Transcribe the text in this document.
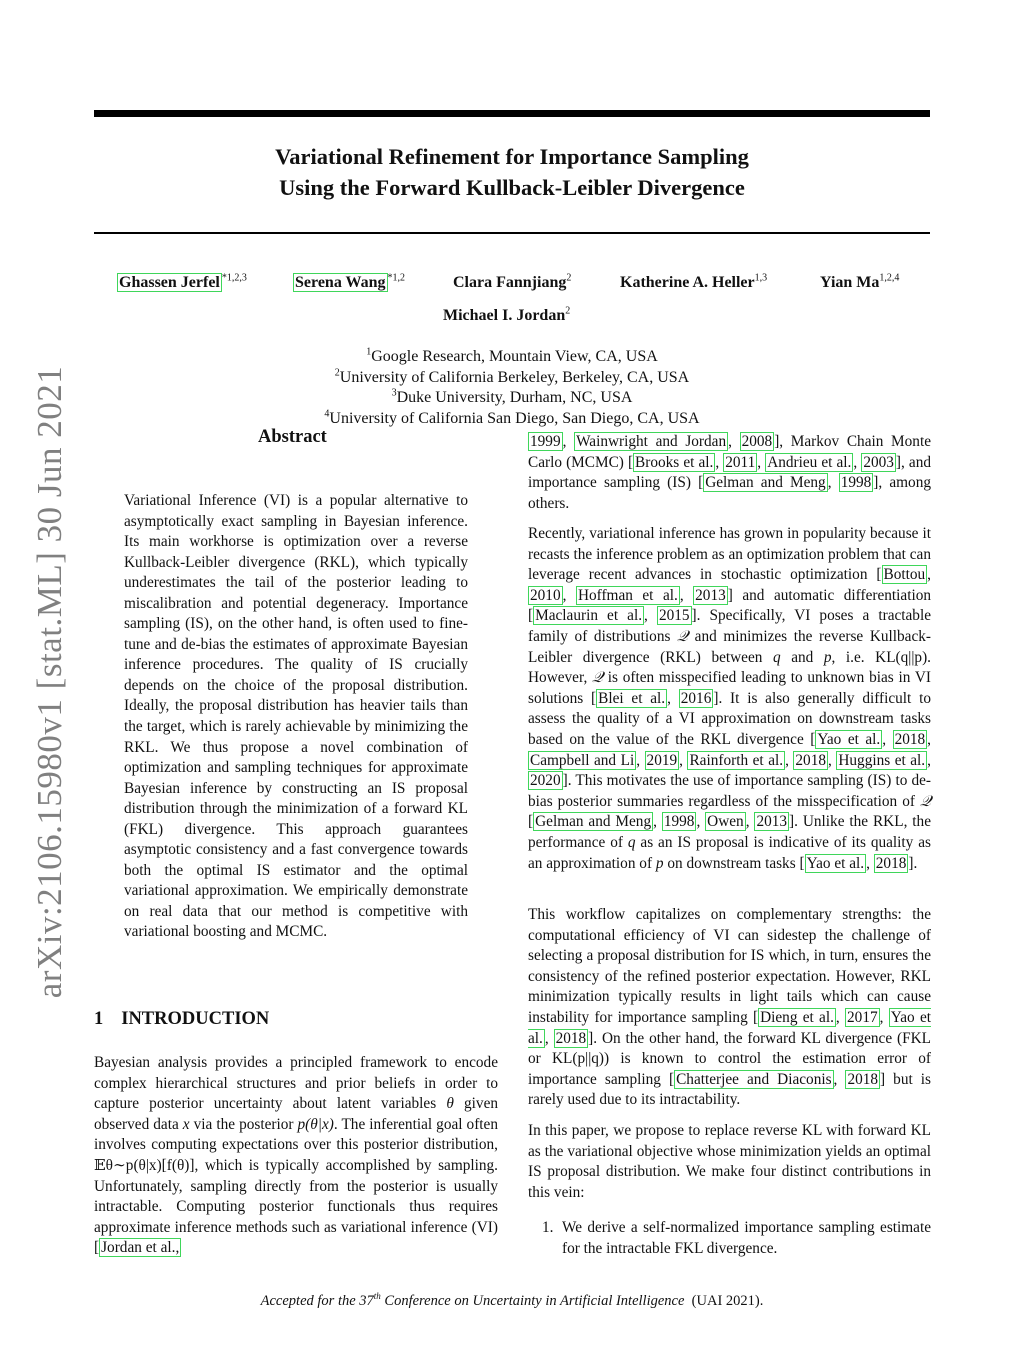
arXiv:2106.15980v1 [stat.ML] 30 Jun 2021
Variational Refinement for Importance Sampling
Using the Forward Kullback-Leibler Divergence
Ghassen Jerfel $^{*1,2,3}$	Serena Wang $^{*1,2}$	Clara Fannjiang$^2$	Katherine A. Heller$^{1,3}$	Yian Ma$^{1,2,4}$
Michael I. Jordan$^2$
$^1$Google Research, Mountain View, CA, USA
$^2$University of California Berkeley, Berkeley, CA, USA
$^3$Duke University, Durham, NC, USA
$^4$University of California San Diego, San Diego, CA, USA
Abstract
Variational Inference (VI) is a popular alternative to asymptotically exact sampling in Bayesian inference. Its main workhorse is optimization over a reverse Kullback-Leibler divergence (RKL), which typically underestimates the tail of the posterior leading to miscalibration and potential degeneracy. Importance sampling (IS), on the other hand, is often used to fine-tune and de-bias the estimates of approximate Bayesian inference procedures. The quality of IS crucially depends on the choice of the proposal distribution. Ideally, the proposal distribution has heavier tails than the target, which is rarely achievable by minimizing the RKL. We thus propose a novel combination of optimization and sampling techniques for approximate Bayesian inference by constructing an IS proposal distribution through the minimization of a forward KL (FKL) divergence. This approach guarantees asymptotic consistency and a fast convergence towards both the optimal IS estimator and the optimal variational approximation. We empirically demonstrate on real data that our method is competitive with variational boosting and MCMC.
1 INTRODUCTION
Bayesian analysis provides a principled framework to encode complex hierarchical structures and prior beliefs in order to capture posterior uncertainty about latent variables θ given observed data x via the posterior p(θ|x). The inferential goal often involves computing expectations over this posterior distribution, 𝔼θ∼p(θ|x)[f(θ)], which is typically accomplished by sampling. Unfortunately, sampling directly from the posterior is usually intractable. Computing posterior functionals thus requires approximate inference methods such as variational inference (VI) [ Jordan et al.,
1999 , Wainwright and Jordan , 2008 ], Markov Chain Monte Carlo (MCMC) [ Brooks et al. , 2011 , Andrieu et al. , 2003 ], and importance sampling (IS) [ Gelman and Meng , 1998 ], among others.
Recently, variational inference has grown in popularity because it recasts the inference problem as an optimization problem that can leverage recent advances in stochastic optimization [ Bottou , 2010 , Hoffman et al. , 2013 ] and automatic differentiation [ Maclaurin et al. , 2015 ]. Specifically, VI poses a tractable family of distributions 𝒬 and minimizes the reverse Kullback-Leibler divergence (RKL) between q and p, i.e. KL(q||p). However, 𝒬 is often misspecified leading to unknown bias in VI solutions [ Blei et al. , 2016 ]. It is also generally difficult to assess the quality of a VI approximation on downstream tasks based on the value of the RKL divergence [ Yao et al. , 2018 , Campbell and Li , 2019 , Rainforth et al. , 2018 , Huggins et al. , 2020 ]. This motivates the use of importance sampling (IS) to de-bias posterior summaries regardless of the misspecification of 𝒬 [ Gelman and Meng , 1998 , Owen , 2013 ]. Unlike the RKL, the performance of q as an IS proposal is indicative of its quality as an approximation of p on downstream tasks [ Yao et al. , 2018 ].
This workflow capitalizes on complementary strengths: the computational efficiency of VI can sidestep the challenge of selecting a proposal distribution for IS which, in turn, ensures the consistency of the refined posterior expectation. However, RKL minimization typically results in light tails which can cause instability for importance sampling [ Dieng et al. , 2017 , Yao et al. , 2018 ]. On the other hand, the forward KL divergence (FKL or KL(p||q)) is known to control the estimation error of importance sampling [ Chatterjee and Diaconis , 2018 ] but is rarely used due to its intractability.
In this paper, we propose to replace reverse KL with forward KL as the variational objective whose minimization yields an optimal IS proposal distribution. We make four distinct contributions in this vein:
1. We derive a self-normalized importance sampling estimate for the intractable FKL divergence.
Accepted for the 37th Conference on Uncertainty in Artificial Intelligence (UAI 2021).
